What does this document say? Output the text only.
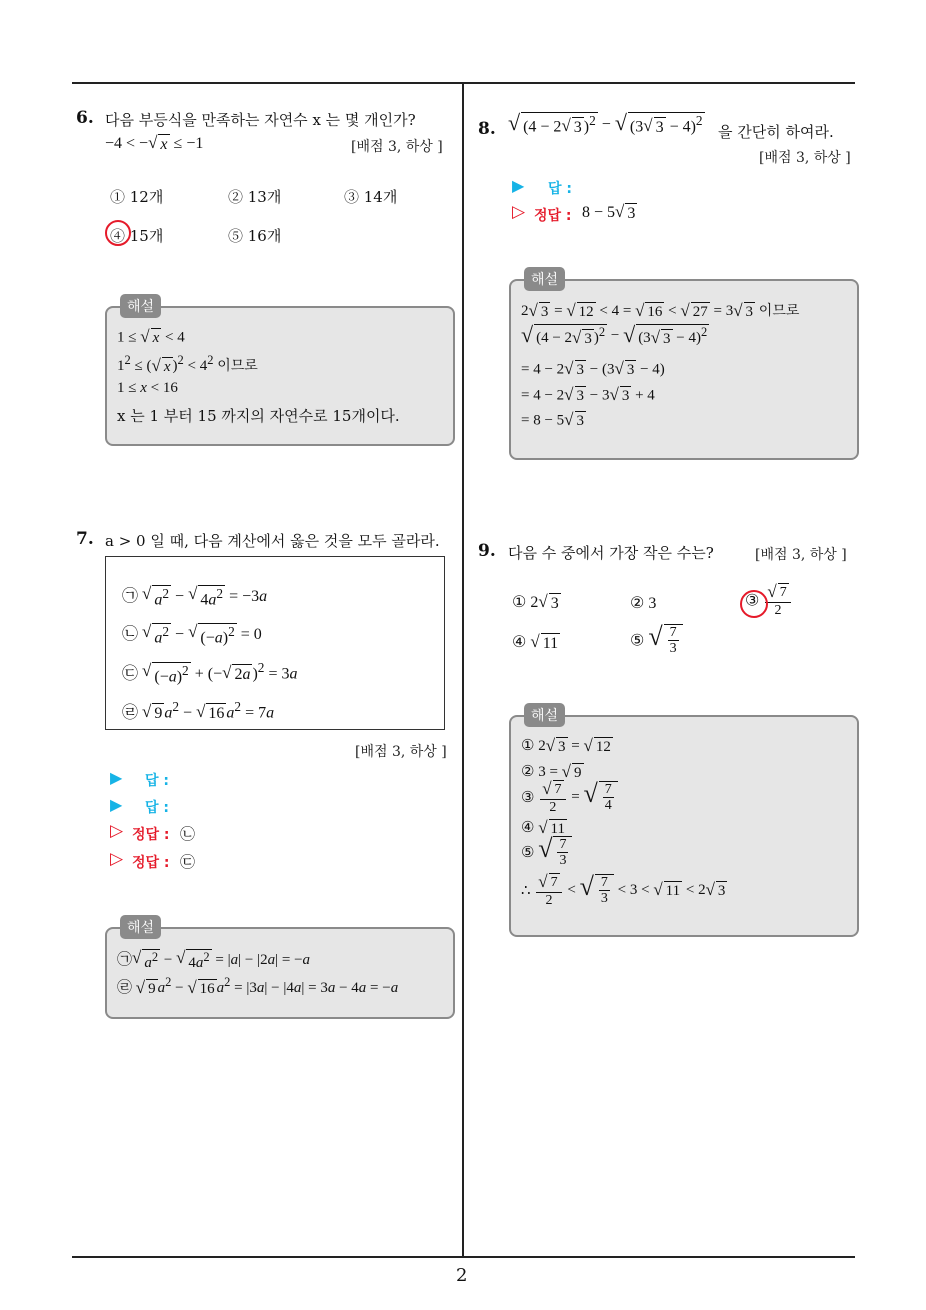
2
6. 다음 부등식을 만족하는 자연수 x 는 몇 개인가?
−4 < − √ x ≤ −1	[배점 3, 하상 ]
① 12개	② 13개	③ 14개
④ 15개	⑤ 16개
해설
1 ≤ √ x < 4
$1^2$ ≤ ( √ x )$^2 < 4^2$ 이므로
1 ≤ x < 16
x 는 1 부터 15 까지의 자연수로 15개이다.
7. a > 0 일 때, 다음 계산에서 옳은 것을 모두 골라라.
㉠ √ $a^2$ − √ $4a^2 = -3a$
㉡ √ $a^2$ − √ $(-a)^2 = 0$
㉢ √ $(-a)^2$ + (− √ 2a )$^2$ = 3a
㉣ √ 9 $a^2$ − √ 16 $a^2 = 7a$
[배점 3, 하상 ]
▶ 답 :
▶ 답 :
▷ 정답 : ㉡
▷ 정답 : ㉢
해설
㉠ √ $a^2$ − √ $4a^2 = |a| - |2a| = -a$
㉣ √ 9 $a^2$ − √ 16 $a^2 = |3a| - |4a| = 3a - 4a = -a$
8. √ (4 − 2 √ 3 )$^2$ − √ (3 √ 3 − 4)$^2$
을 간단히 하여라.
[배점 3, 하상 ]
▶ 답 :
▷ 정답 : 8 − 5 √ 3
해설
2 √ 3 = √ 12 < 4 = √ 16 < √ 27 = 3 √ 3 이므로
√ (4 − 2 √ 3 )$^2$ − √ (3 √ 3 − 4)$^2$
= 4 − 2 √ 3 − (3 √ 3 − 4)
= 4 − 2 √ 3 − 3 √ 3 + 4
= 8 − 5 √ 3
9. 다음 수 중에서 가장 작은 수는?	[배점 3, 하상 ]
① 2 √ 3	② 3	③ $\frac{√ 7}{2}$
④ √ 11	⑤ √ $\frac{7}{3}$
해설
① 2 √ 3 = √ 12
② 3 = √ 9
③ $\frac{√ 7}{2}$ = √ $\frac{7}{4}$
④ √ 11
⑤ √ $\frac{7}{3}$
∴ $\frac{√ 7}{2}$ < √ $\frac{7}{3} < 3$ < √ 11 < 2 √ 3
